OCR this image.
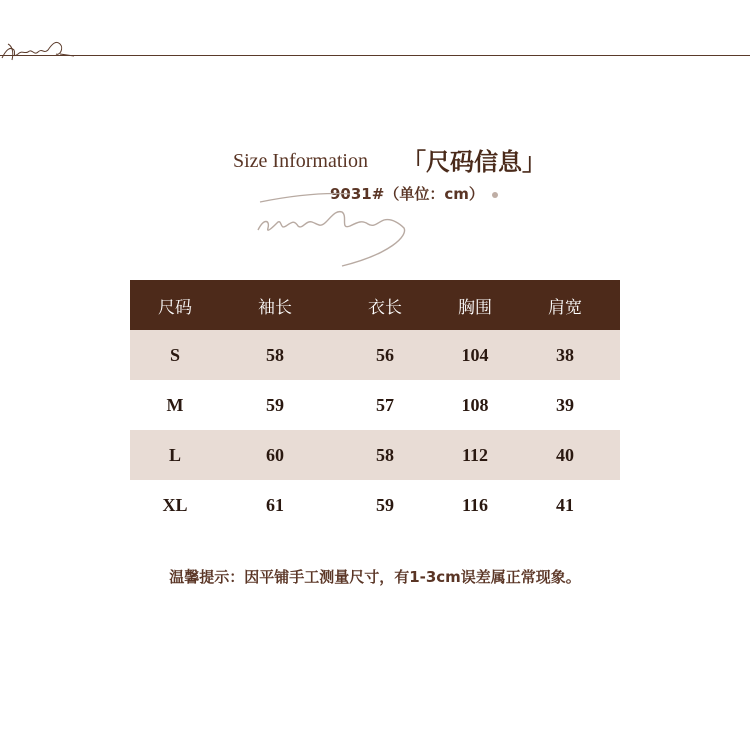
Size Information 「尺码信息」
9031#（单位：cm）
尺码	袖长	衣长	胸围	肩宽
S	58	56	104	38
M	59	57	108	39
L	60	58	112	40
XL	61	59	116	41
温馨提示：因平铺手工测量尺寸，有1-3cm误差属正常现象。
